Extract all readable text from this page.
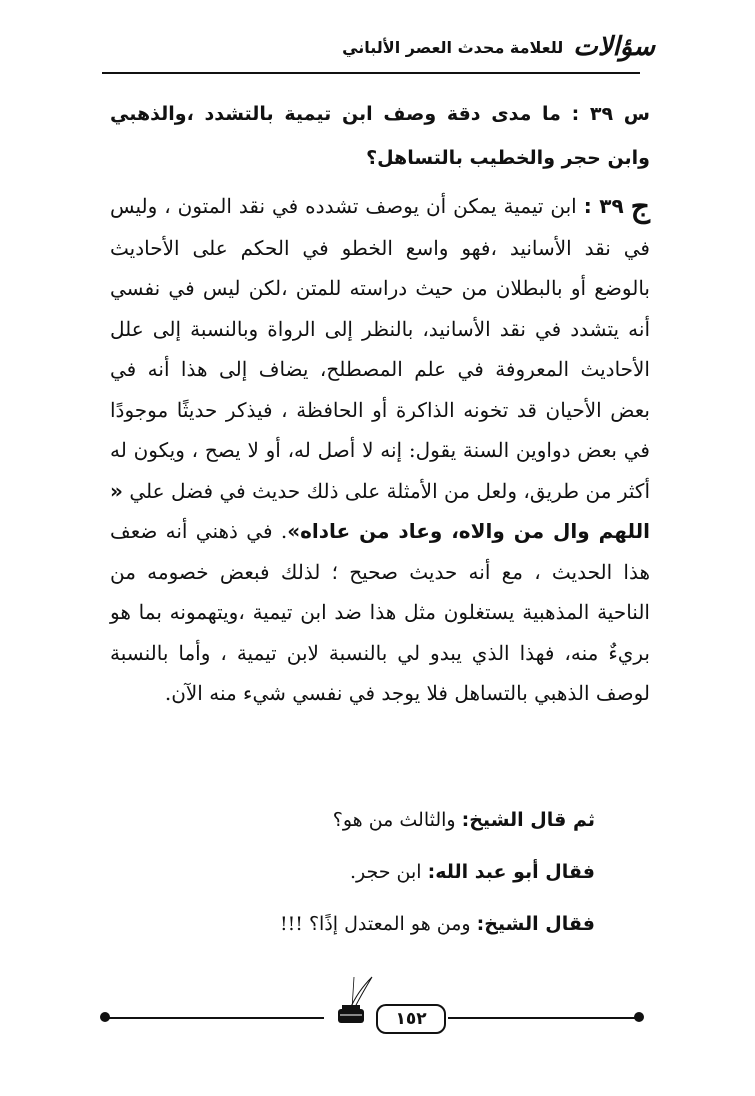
سؤالات
للعلامة محدث العصر الألباني
س ٣٩ : ما مدى دقة وصف ابن تيمية بالتشدد ،والذهبي وابن حجر والخطيب بالتساهل؟

ج ٣٩ : ابن تيمية يمكن أن يوصف تشدده في نقد المتون ، وليس في نقد الأسانيد ،فهو واسع الخطو في الحكم على الأحاديث بالوضع أو بالبطلان من حيث دراسته للمتن ،لكن ليس في نفسي أنه يتشدد في نقد الأسانيد، بالنظر إلى الرواة وبالنسبة إلى علل الأحاديث المعروفة في علم المصطلح، يضاف إلى هذا أنه في بعض الأحيان قد تخونه الذاكرة أو الحافظة ، فيذكر حديثًا موجودًا في بعض دواوين السنة يقول: إنه لا أصل له، أو لا يصح ، ويكون له أكثر من طريق، ولعل من الأمثلة على ذلك حديث في فضل علي « اللهم وال من والاه، وعاد من عاداه». في ذهني أنه ضعف هذا الحديث ، مع أنه حديث صحيح ؛ لذلك فبعض خصومه من الناحية المذهبية يستغلون مثل هذا ضد ابن تيمية ،ويتهمونه بما هو بريءٌ منه، فهذا الذي يبدو لي بالنسبة لابن تيمية ، وأما بالنسبة لوصف الذهبي بالتساهل فلا يوجد في نفسي شيء منه الآن.

ثم قال الشيخ: والثالث من هو؟
فقال أبو عبد الله: ابن حجر.
فقال الشيخ: ومن هو المعتدل إذًا؟ !!!
١٥٢
